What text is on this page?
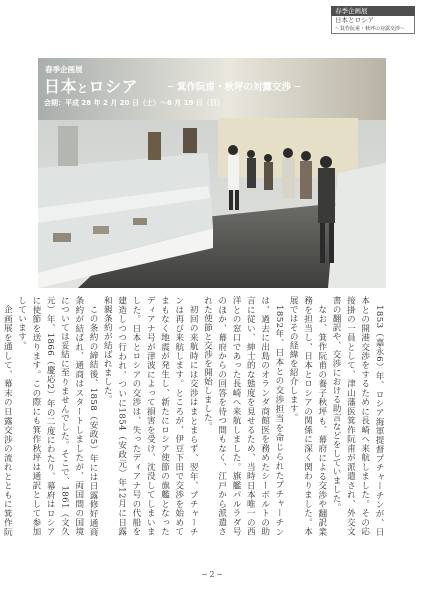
春季企画展
日本とロシア
～箕作阮甫・秋坪の対露交渉～
春季企画展
日本とロシア	─ 箕作阮甫・秋坪の対露交渉 ─
会期：平成 28 年 2 月 20 日（土）～6 月 19 日（日）

1853（嘉永6）年、ロシア海軍提督プチャーチンが、日本との開港交渉をするために長崎へ来航しました。その応接掛の一員として、津山藩医箕作阮甫が派遣され、外交文書の翻訳や、交渉における助言などをしていました。

なお、箕作阮甫の養子秋坪も、幕府による交渉や翻訳業務を担当し、日本とロシアの関係に深く関わりました。本展ではその経緯を紹介します。

1852年、日本との交渉担当を命じられたプチャーチンは、過去に出島のオランダ商館医を務めたシーボルトの助言に従い、紳士的な態度を見せるため、当時日本唯一の西洋との窓口であった長崎へ来航しました。旗艦パルラダ号のほか、幕府からの回答を待つ間もなく、江戸から派遣された使節と交渉を開始しました。

初回の来航時には交渉はまとまらず、翌年、プチャーチンは再び来航します。ところが、伊豆下田で交渉を始めてまもなく地震が発生し、新たにロシア使節の旗艦となったディアナ号が津波によって損害を受け、沈没してしまいました。日本とロシアの交渉は、失ったディアナ号の代船を建造しつつ行われ、ついに1854（安政元）年12月に日露和親条約が結ばれました。

この条約の締結後、1858（安政5）年には日露修好通商条約が結ばれ、通商はスタートしましたが、両国間の国境については妥結に至りませんでした。そこで、1861（文久元）年、1866（慶応2）年の二度にわたり、幕府はロシアに使節を送ります。この際にも箕作秋坪は通訳として参加しています。

企画展を通して、幕末の日露交渉の流れとともに箕作阮

─ 2 ─
